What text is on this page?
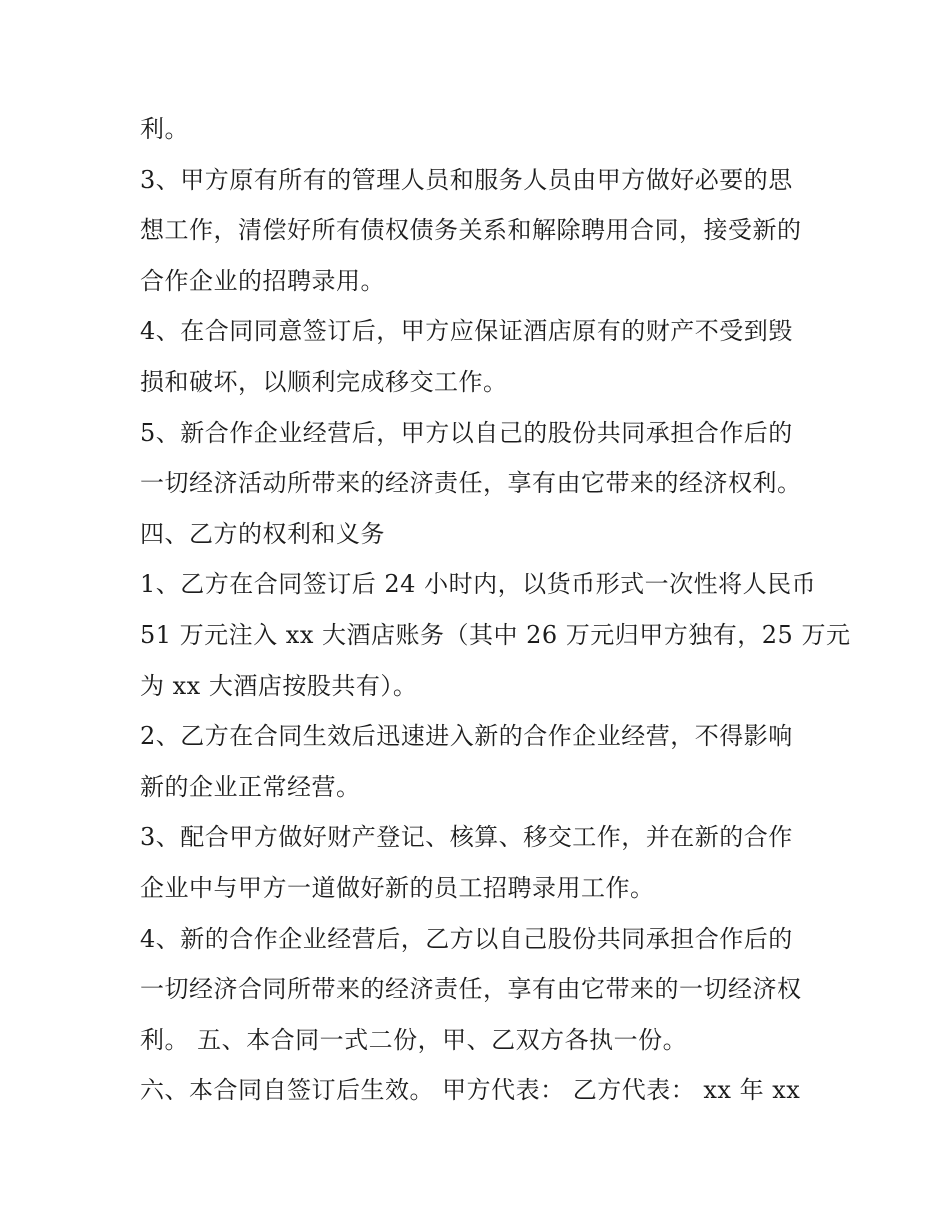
利。
3、甲方原有所有的管理人员和服务人员由甲方做好必要的思
想工作，清偿好所有债权债务关系和解除聘用合同，接受新的
合作企业的招聘录用。
4、在合同同意签订后，甲方应保证酒店原有的财产不受到毁
损和破坏，以顺利完成移交工作。
5、新合作企业经营后，甲方以自己的股份共同承担合作后的
一切经济活动所带来的经济责任，享有由它带来的经济权利。
四、乙方的权利和义务
1、乙方在合同签订后 24 小时内，以货币形式一次性将人民币
51 万元注入 xx 大酒店账务（其中 26 万元归甲方独有，25 万元
为 xx 大酒店按股共有）。
2、乙方在合同生效后迅速进入新的合作企业经营，不得影响
新的企业正常经营。
3、配合甲方做好财产登记、核算、移交工作，并在新的合作
企业中与甲方一道做好新的员工招聘录用工作。
4、新的合作企业经营后，乙方以自己股份共同承担合作后的
一切经济合同所带来的经济责任，享有由它带来的一切经济权
利。 五、本合同一式二份，甲、乙双方各执一份。
六、本合同自签订后生效。 甲方代表： 乙方代表： xx 年 xx
